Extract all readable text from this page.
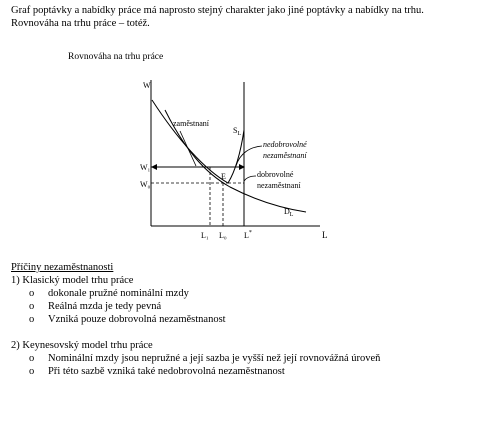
Graf poptávky a nabídky práce má naprosto stejný charakter jako jiné poptávky a nabídky na trhu.

Rovnováha na trhu práce – totéž.

Rovnováha na trhu práce
W
L
W₁
W₀
L₁ L₀ L*
E
$S_L$
$D_L$
zaměstnaní
nedobrovolné
nezaměstnaní
dobrovolné
nezaměstnaní

Příčiny nezaměstnanosti

1) Klasický model trhu práce

o dokonale pružné nominální mzdy
o Reálná mzda je tedy pevná
o Vzniká pouze dobrovolná nezaměstnanost

2) Keynesovský model trhu práce

o Nominální mzdy jsou nepružné a její sazba je vyšší než její rovnovážná úroveň
o Při této sazbě vzniká také nedobrovolná nezaměstnanost
